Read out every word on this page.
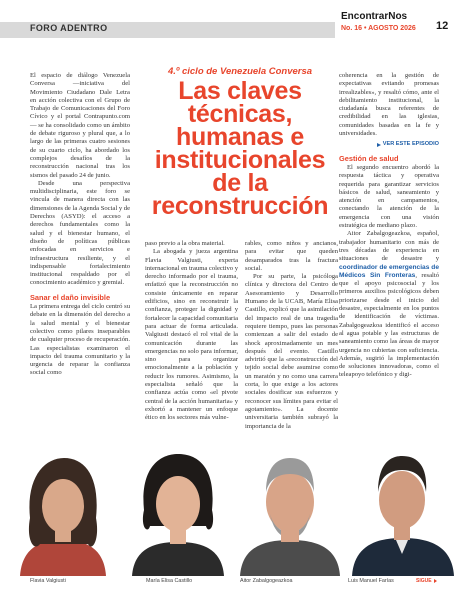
FORO ADENTRO
EncontrarNos
No. 16 • AGOSTO 2026 12

El espacio de diálogo Venezuela Conversa —iniciativa del Movimiento Ciudadano Dale Letra en acción colectiva con el Grupo de Trabajo de Comunicaciones del Foro Cívico y el portal Contrapunto.com— se ha consolidado como un ámbito de debate riguroso y plural que, a lo largo de las primeras cuatro sesiones de su cuarto ciclo, ha abordado los complejos desafíos de la reconstrucción nacional tras los sismos del pasado 24 de junio.

Desde una perspectiva multidisciplinaria, este foro se vincula de manera directa con las dimensiones de la Agenda Social y de Derechos (ASYD): el acceso a derechos fundamentales como la salud y el bienestar humano, el diseño de políticas públicas enfocadas en servicios e infraestructura resiliente, y el indispensable fortalecimiento institucional respaldado por el conocimiento académico y gremial.

Sanar el daño invisible

La primera entrega del ciclo centró su debate en la dimensión del derecho a la salud mental y el bienestar colectivo como pilares inseparables de cualquier proceso de recuperación. Las especialistas examinaron el impacto del trauma comunitario y la urgencia de reparar la confianza social como

4.º ciclo de Venezuela Conversa
Las claves técnicas, humanas e institucionales de la reconstrucción

paso previo a la obra material.

La abogada y jueza argentina Flavia Valgiusti, experta internacional en trauma colectivo y derecho informado por el trauma, enfatizó que la reconstrucción no consiste únicamente en reparar edificios, sino en reconstruir la confianza, proteger la dignidad y fortalecer la capacidad comunitaria para actuar de forma articulada. Valgiusti destacó el rol vital de la comunicación durante las emergencias no solo para informar, sino para organizar emocionalmente a la población y reducir los rumores. Asimismo, la especialista señaló que la confianza actúa como «el pivote central de la acción humanitaria» y exhortó a mantener un enfoque ético en los sectores más vulne-

rables, como niños y ancianos, para evitar que queden desamparados tras la fractura social.

Por su parte, la psicóloga clínica y directora del Centro de Asesoramiento y Desarrollo Humano de la UCAB, María Elisa Castillo, explicó que la asimilación del impacto real de una tragedia requiere tiempo, pues las personas comienzan a salir del estado de shock aproximadamente un mes después del evento. Castillo advirtió que la «reconstrucción del tejido social debe asumirse como un maratón y no como una carrera corta, lo que exige a los actores sociales dosificar sus esfuerzos y reconocer sus límites para evitar el agotamiento». La docente universitaria también subrayó la importancia de la

coherencia en la gestión de expectativas evitando promesas irrealizables», y resaltó cómo, ante el debilitamiento institucional, la ciudadanía busca referentes de credibilidad en las iglesias, comunidades basadas en la fe y universidades.

VER ESTE EPISODIO
Gestión de salud

El segundo encuentro abordó la respuesta táctica y operativa requerida para garantizar servicios básicos de salud, saneamiento y atención en campamentos, conectando la atención de la emergencia con una visión estratégica de mediano plazo.

Aitor Zabalgogeazkoa, español, trabajador humanitario con más de tres décadas de experiencia en situaciones de desastre y coordinador de emergencias de Médicos Sin Fronteras, resaltó que el apoyo psicosocial y los primeros auxilios psicológicos deben priorizarse desde el inicio del desastre, especialmente en los puntos de identificación de víctimas. Zabalgogeazkoa identificó el acceso al agua potable y las estructuras de saneamiento como las áreas de mayor urgencia no cubiertas con suficiencia. Además, sugirió la implementación de soluciones innovadoras, como el teleapoyo telefónico y digi-

Flavia Valgiusti	María Elisa Castillo	Aitor Zabalgogeazkoa	Luis Manuel Farías	SIGUE
